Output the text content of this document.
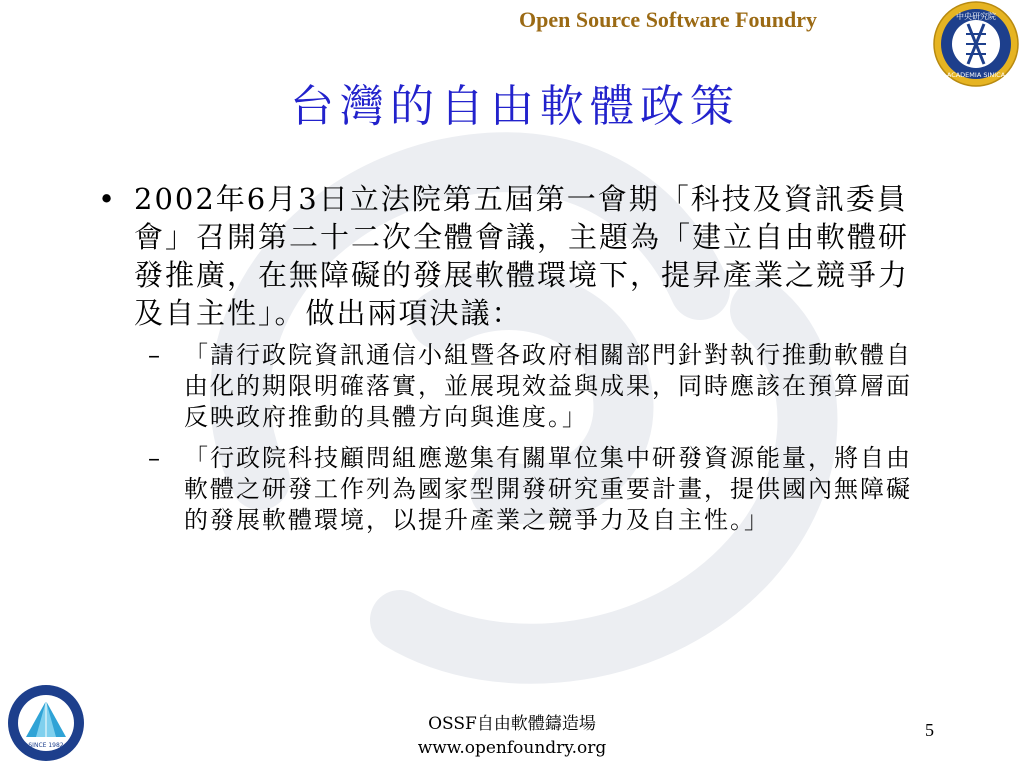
Open Source Software Foundry	中央研究院
ACADEMIA SINICA
台灣的自由軟體政策
• 2002年6月3日立法院第五屆第一會期「科技及資訊委員會」召開第二十二次全體會議，主題為「建立自由軟體研發推廣，在無障礙的發展軟體環境下，提昇產業之競爭力及自主性」。做出兩項決議：
– 「請行政院資訊通信小組暨各政府相關部門針對執行推動軟體自由化的期限明確落實，並展現效益與成果，同時應該在預算層面反映政府推動的具體方向與進度。」
– 「行政院科技顧問組應邀集有關單位集中研發資源能量，將自由軟體之研發工作列為國家型開發研究重要計畫，提供國內無障礙的發展軟體環境，以提升產業之競爭力及自主性。」
SINCE 1982
OSSF自由軟體鑄造場
www.openfoundry.org
5
